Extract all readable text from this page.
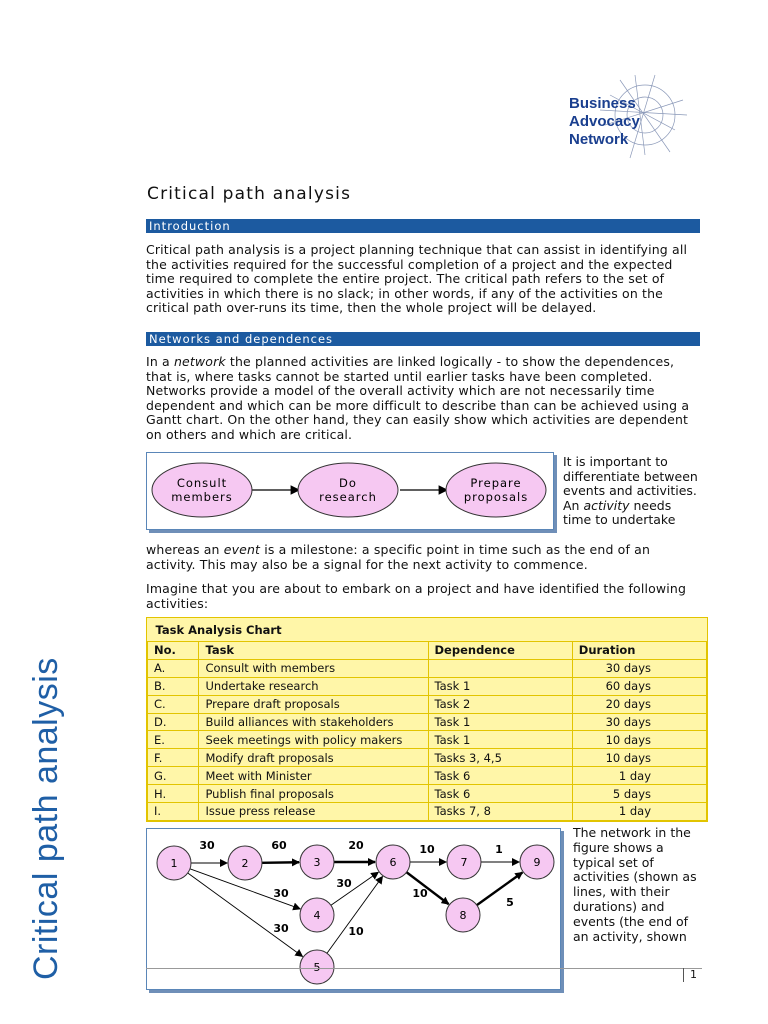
Business
Advocacy
Network
Critical path analysis
Critical path analysis
Introduction
Critical path analysis is a project planning technique that can assist in identifying all the activities required for the successful completion of a project and the expected time required to complete the entire project. The critical path refers to the set of activities in which there is no slack; in other words, if any of the activities on the critical path over-runs its time, then the whole project will be delayed.
Networks and dependences
In a network the planned activities are linked logically - to show the dependences, that is, where tasks cannot be started until earlier tasks have been completed. Networks provide a model of the overall activity which are not necessarily time dependent and which can be more difficult to describe than can be achieved using a Gantt chart. On the other hand, they can easily show which activities are dependent on others and which are critical.
Consult
members
Do
research
Prepare
proposals
It is important to differentiate between events and activities. An activity needs time to undertake
whereas an event is a milestone: a specific point in time such as the end of an activity. This may also be a signal for the next activity to commence.
Imagine that you are about to embark on a project and have identified the following activities:
Task Analysis Chart			
No.	Task	Dependence	Duration
A.	Consult with members		30 days
B.	Undertake research	Task 1	60 days
C.	Prepare draft proposals	Task 2	20 days
D.	Build alliances with stakeholders	Task 1	30 days
E.	Seek meetings with policy makers	Task 1	10 days
F.	Modify draft proposals	Tasks 3, 4,5	10 days
G.	Meet with Minister	Task 6	1 day
H.	Publish final proposals	Task 6	5 days
I.	Issue press release	Tasks 7, 8	1 day
30	60	20
30
30
30	10
10	1
10
5
1	2	3
4
5
6	7
8
9
The network in the figure shows a typical set of activities (shown as lines, with their durations) and events (the end of an activity, shown
1
